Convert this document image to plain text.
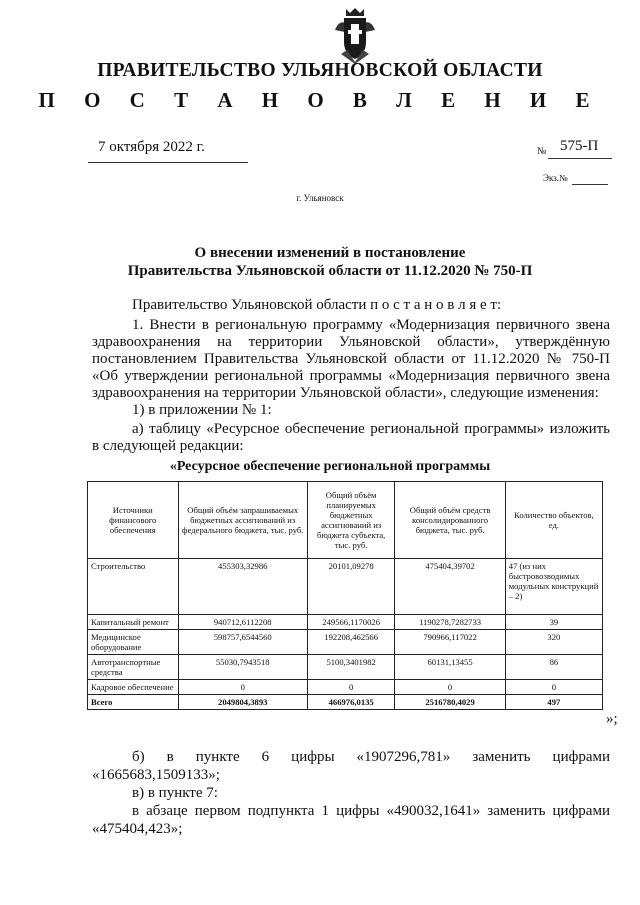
ПРАВИТЕЛЬСТВО УЛЬЯНОВСКОЙ ОБЛАСТИ
П О С Т А Н О В Л Е Н И Е
7 октября 2022 г.	№ 575-П
Экз.№
г. Ульяновск
О внесении изменений в постановление
Правительства Ульяновской области от 11.12.2020 № 750-П
Правительство Ульяновской области п о с т а н о в л я е т:
1. Внести в региональную программу «Модернизация первичного звена
здравоохранения на территории Ульяновской области», утверждённую
постановлением Правительства Ульяновской области от 11.12.2020 № 750-П
«Об утверждении региональной программы «Модернизация первичного звена
здравоохранения на территории Ульяновской области», следующие изменения:
1) в приложении № 1:
а) таблицу «Ресурсное обеспечение региональной программы» изложить
в следующей редакции:
«Ресурсное обеспечение региональной программы
Источники финансового обеспечения	Общий объём запрашиваемых бюджетных ассигнований из федерального бюджета, тыс. руб.	Общий объём планируемых бюджетных ассигнований из бюджета субъекта, тыс. руб.	Общий объём средств консолидированного бюджета, тыс. руб.	Количество объектов, ед.
Строительство	455303,32986	20101,09278	475404,39702	47 (из них быстровозводимых модульных конструкций – 2)
Капитальный ремонт	940712,6112208	249566,1170026	1190278,7282733	39
Медицинское оборудование	598757,6544560	192208,462566	790966,117022	320
Автотранспортные средства	55030,7943518	5100,3401982	60131,13455	86
Кадровое обеспечение	0	0	0	0
Всего	2049804,3893	466976,0135	2516780,4029	497
»;
б) в пункте 6 цифры «1907296,781» заменить цифрами
«1665683,1509133»;
в) в пункте 7:
в абзаце первом подпункта 1 цифры «490032,1641» заменить цифрами
«475404,423»;
